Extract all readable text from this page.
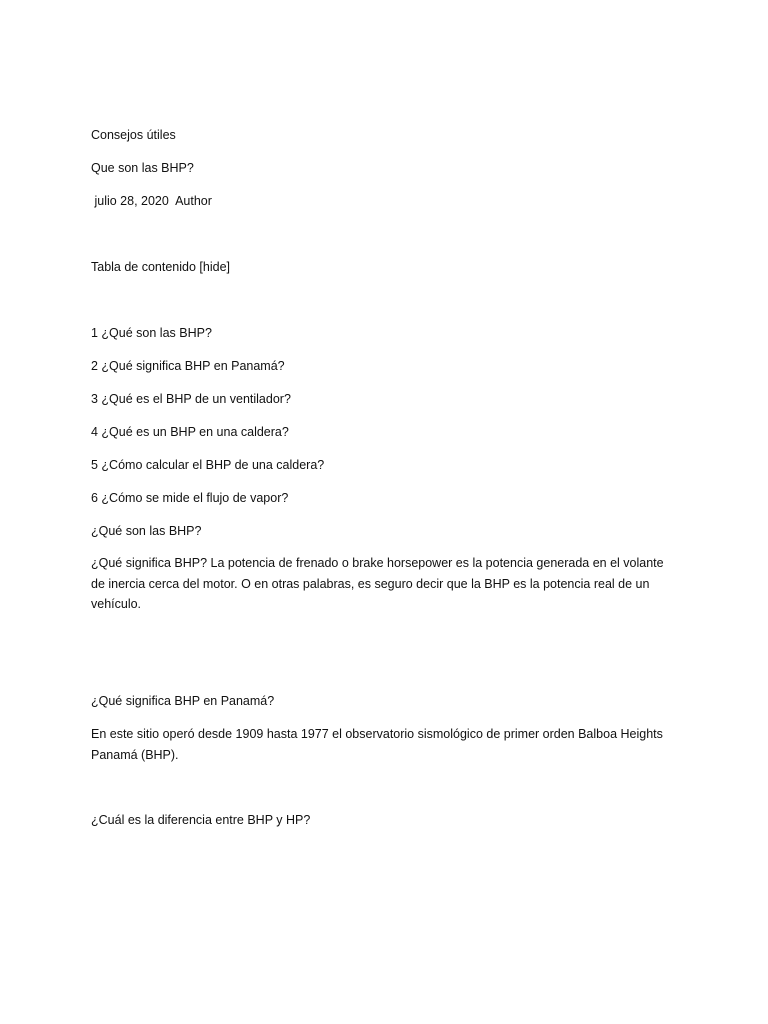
Consejos útiles
Que son las BHP?
julio 28, 2020  Author
Tabla de contenido [hide]
1 ¿Qué son las BHP?
2 ¿Qué significa BHP en Panamá?
3 ¿Qué es el BHP de un ventilador?
4 ¿Qué es un BHP en una caldera?
5 ¿Cómo calcular el BHP de una caldera?
6 ¿Cómo se mide el flujo de vapor?
¿Qué son las BHP?
¿Qué significa BHP? La potencia de frenado o brake horsepower es la potencia generada en el volante de inercia cerca del motor. O en otras palabras, es seguro decir que la BHP es la potencia real de un vehículo.
¿Qué significa BHP en Panamá?
En este sitio operó desde 1909 hasta 1977 el observatorio sismológico de primer orden Balboa Heights Panamá (BHP).
¿Cuál es la diferencia entre BHP y HP?
